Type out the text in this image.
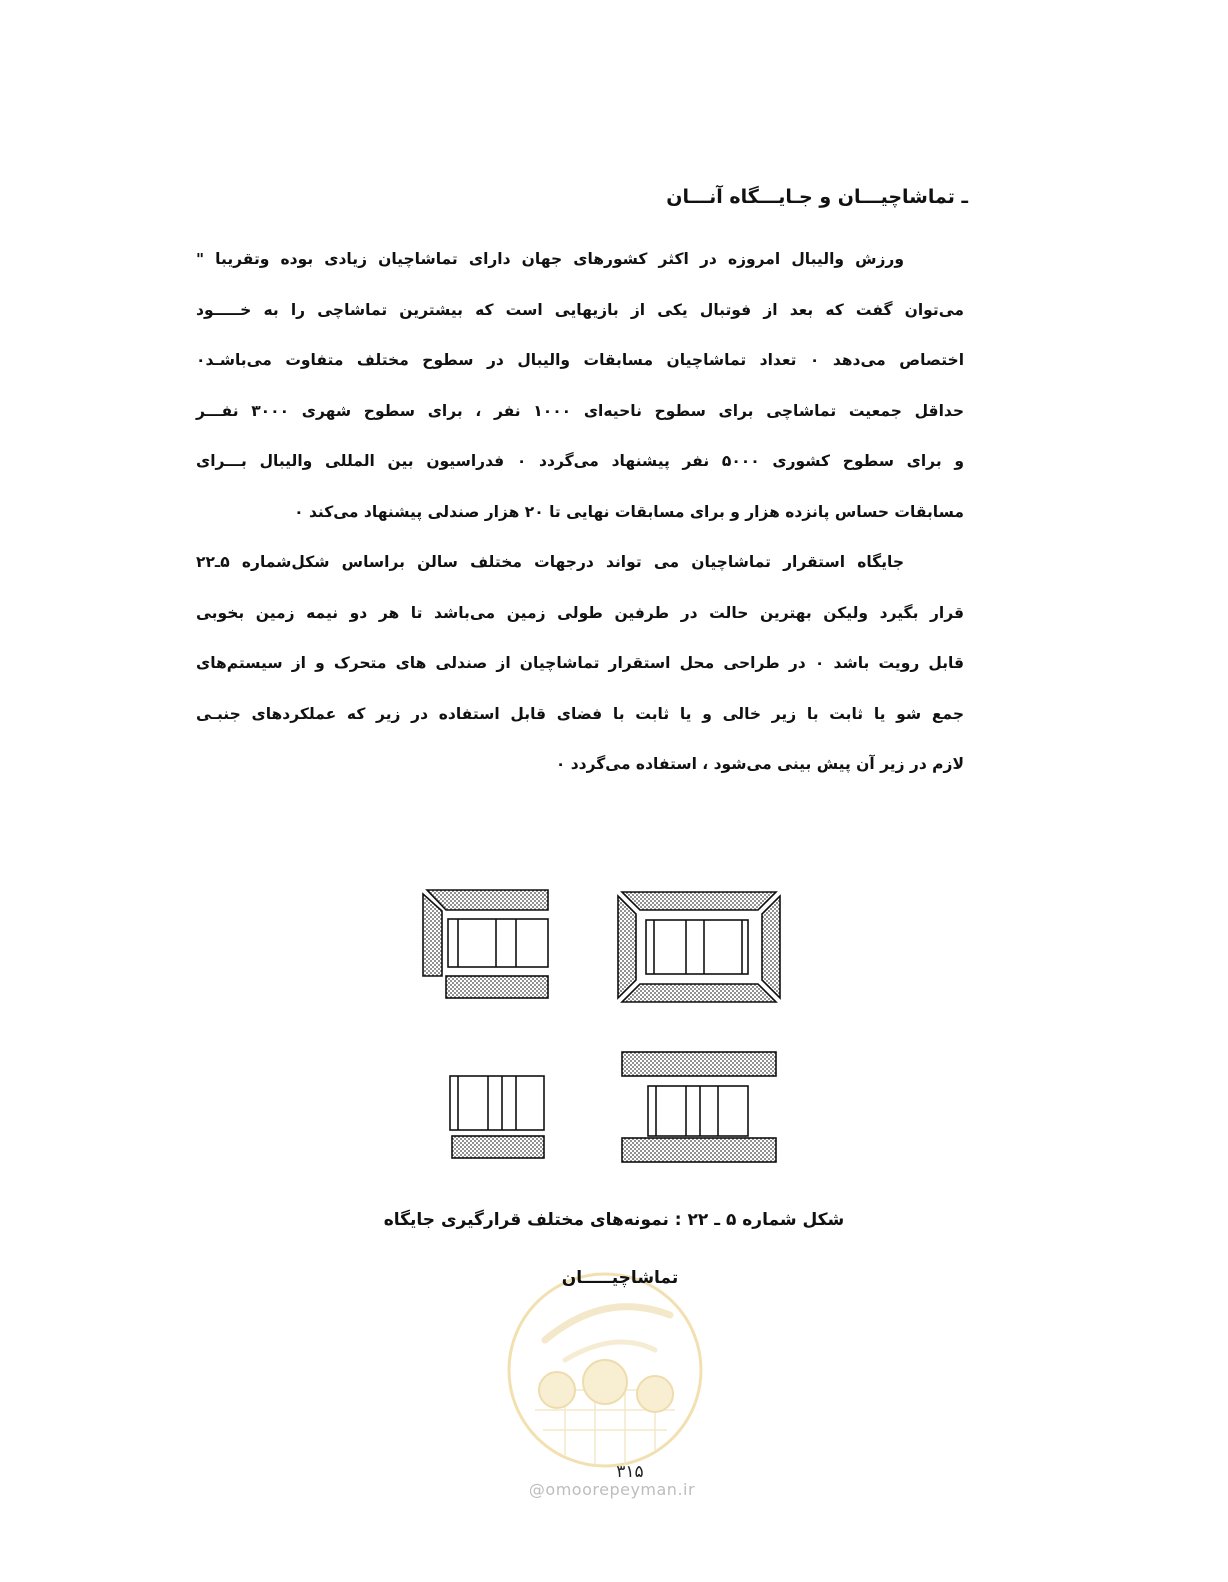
ـ تماشاچیـــان و جـایـــگاه آنـــان

ورزش والیبال امروزه در اکثر کشورهای جهان دارای تماشاچیان زیادی بوده وتقریبا "
می‌توان گفت که بعد از فوتبال یکی از بازیهایی است که بیشترین تماشاچی را به خـــــود
اختصاص می‌دهد ۰ تعداد تماشاچیان مسابقات والیبال در سطوح مختلف متفاوت می‌باشـد۰
حداقل جمعیت تماشاچی برای سطوح ناحیه‌ای ۱۰۰۰ نفر ، برای سطوح شهری ۳۰۰۰ نفـــر
و برای سطوح کشوری ۵۰۰۰ نفر پیشنهاد می‌گردد ۰ فدراسیون بین المللی والیبال بـــرای
مسابقات حساس پانزده هزار و برای مسابقات نهایی تا ۲۰ هزار صندلی پیشنهاد می‌کند ۰

جایگاه استقرار تماشاچیان می تواند درجهات مختلف سالن براساس شکل‌شماره ۵ـ۲۲
قرار بگیرد ولیکن بهترین حالت در طرفین طولی زمین می‌باشد تا هر دو نیمه زمین بخوبی
قابل رویت باشد ۰ در طراحی محل استقرار تماشاچیان از صندلی های متحرک و از سیستم‌های
جمع شو یا ثابت با زیر خالی و یا ثابت با فضای قابل استفاده در زیر که عملکردهای جنبـی
لازم در زیر آن پیش بینی می‌شود ، استفاده می‌گردد ۰

شکل شماره ۵ ـ ۲۲ : نمونه‌های مختلف قرارگیری جایگاه

تماشاچیـــــان

۳۱۵

@omoorepeyman.ir
